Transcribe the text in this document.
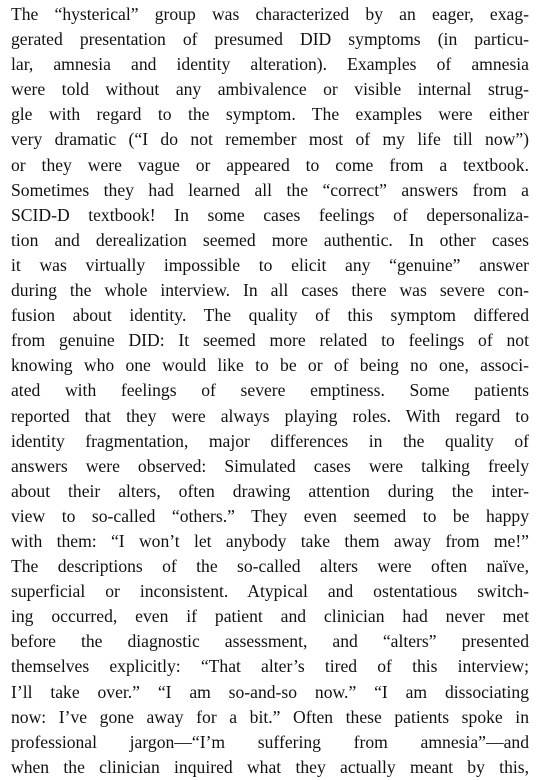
The “hysterical” group was characterized by an eager, exag-
gerated presentation of presumed DID symptoms (in particu-
lar, amnesia and identity alteration). Examples of amnesia
were told without any ambivalence or visible internal strug-
gle with regard to the symptom. The examples were either
very dramatic (“I do not remember most of my life till now”)
or they were vague or appeared to come from a textbook.
Sometimes they had learned all the “correct” answers from a
SCID-D textbook! In some cases feelings of depersonaliza-
tion and derealization seemed more authentic. In other cases
it was virtually impossible to elicit any “genuine” answer
during the whole interview. In all cases there was severe con-
fusion about identity. The quality of this symptom differed
from genuine DID: It seemed more related to feelings of not
knowing who one would like to be or of being no one, associ-
ated with feelings of severe emptiness. Some patients
reported that they were always playing roles. With regard to
identity fragmentation, major differences in the quality of
answers were observed: Simulated cases were talking freely
about their alters, often drawing attention during the inter-
view to so-called “others.” They even seemed to be happy
with them: “I won’t let anybody take them away from me!”
The descriptions of the so-called alters were often naïve,
superficial or inconsistent. Atypical and ostentatious switch-
ing occurred, even if patient and clinician had never met
before the diagnostic assessment, and “alters” presented
themselves explicitly: “That alter’s tired of this interview;
I’ll take over.” “I am so-and-so now.” “I am dissociating
now: I’ve gone away for a bit.” Often these patients spoke in
professional jargon—“I’m suffering from amnesia”—and
when the clinician inquired what they actually meant by this,
